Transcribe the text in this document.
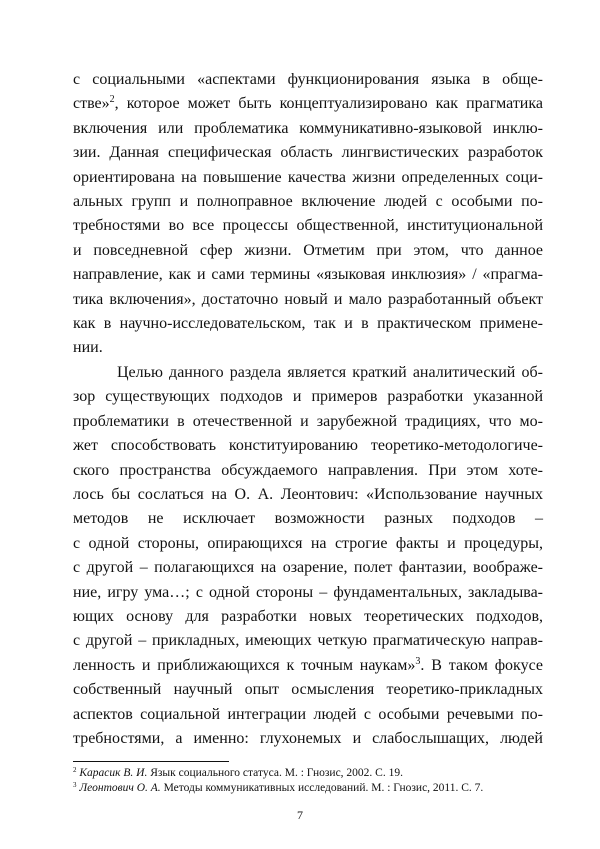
с социальными «аспектами функционирования языка в обще-
стве»$^2$, которое может быть концептуализировано как прагматика
включения или проблематика коммуникативно-языковой инклю-
зии. Данная специфическая область лингвистических разработок
ориентирована на повышение качества жизни определенных соци-
альных групп и полноправное включение людей с особыми по-
требностями во все процессы общественной, институциональной
и повседневной сфер жизни. Отметим при этом, что данное
направление, как и сами термины «языковая инклюзия» / «прагма-
тика включения», достаточно новый и мало разработанный объект
как в научно-исследовательском, так и в практическом примене-
нии.
Целью данного раздела является краткий аналитический об-
зор существующих подходов и примеров разработки указанной
проблематики в отечественной и зарубежной традициях, что мо-
жет способствовать конституированию теоретико-методологиче-
ского пространства обсуждаемого направления. При этом хоте-
лось бы сослаться на О. А. Леонтович: «Использование научных
методов не исключает возможности разных подходов –
с одной стороны, опирающихся на строгие факты и процедуры,
с другой – полагающихся на озарение, полет фантазии, воображе-
ние, игру ума…; с одной стороны – фундаментальных, закладыва-
ющих основу для разработки новых теоретических подходов,
с другой – прикладных, имеющих четкую прагматическую направ-
ленность и приближающихся к точным наукам»$^3$. В таком фокусе
собственный научный опыт осмысления теоретико-прикладных
аспектов социальной интеграции людей с особыми речевыми по-
требностями, а именно: глухонемых и слабослышащих, людей
$^2$ Карасик В. И. Язык социального статуса. М. : Гнозис, 2002. С. 19.
$^3$ Леонтович О. А. Методы коммуникативных исследований. М. : Гнозис, 2011. С. 7.
7
